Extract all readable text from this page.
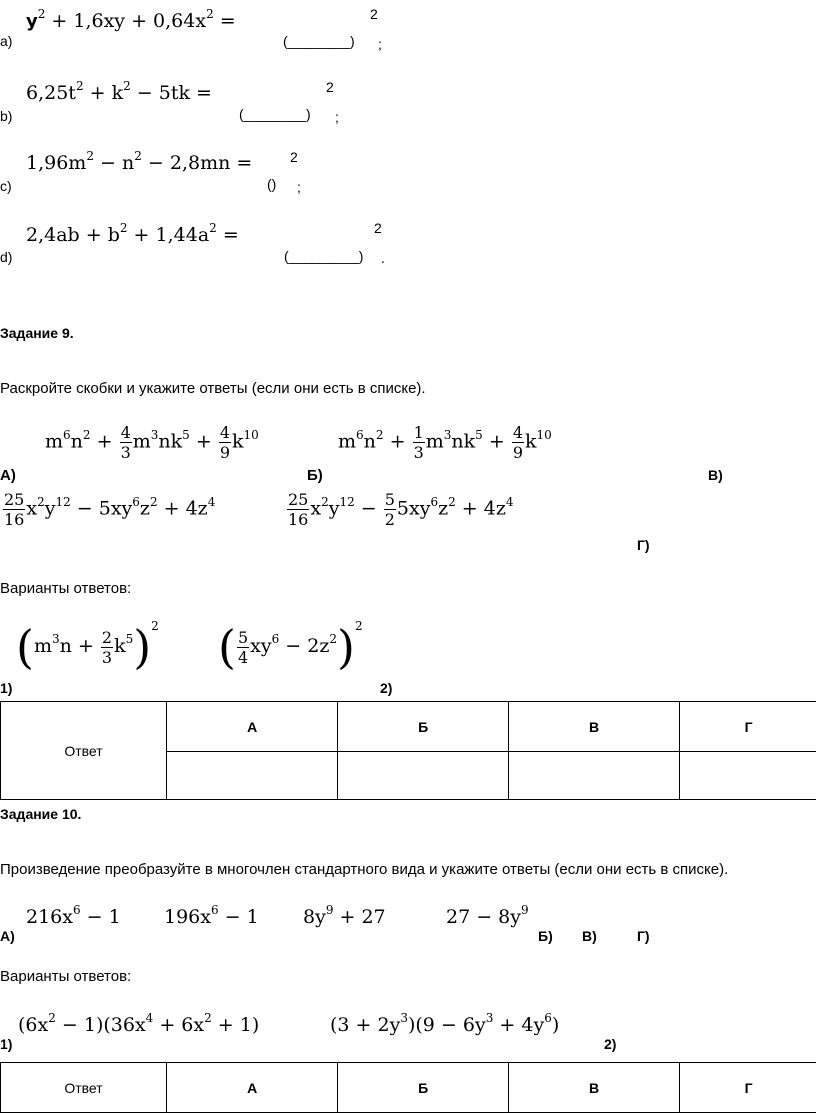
a)
$y^2 + 1,6xy + 0,64x^2$ =
(________)
2
;
b)
$6,25t^2 + k^2 - 5tk$ =
(________)
2
;
c)
$1,96m^2 - n^2 - 2,8mn$ =
()
2
;
d)
$2,4ab + b^2 + 1,44a^2$ =
(_________)
2
.
Задание 9.
Раскройте скобки и укажите ответы (если они есть в списке).
$m^6n^2 + \frac{4}{3} m^3nk^5 + \frac{4}{9} k^{10}$	$m^6n^2 + \frac{1}{3} m^3nk^5 + \frac{4}{9} k^{10}$
А)	Б)	В)
$\frac{25}{16} x^2y^{12} - 5xy^6z^2 + 4z^4$	$\frac{25}{16} x^2y^{12} - \frac{5}{2} 5xy^6z^2 + 4z^4$
Г)
Варианты ответов:
$(m^3n + \frac{2}{3} k^5)^2$ ( $\frac{5}{4} xy^6 - 2z^2)^2$
1)	2)
Ответ	А	Б	В	Г

Задание 10.
Произведение преобразуйте в многочлен стандартного вида и укажите ответы (если они есть в списке).
$216x^6 - 1$ $196x^6 - 1$ $8y^9 + 27$	$27 - 8y^9$
А)	Б) В)	Г)
Варианты ответов:
$(6x^2 - 1)(36x^4 + 6x^2 + 1)$	$(3 + 2y^3)(9 - 6y^3 + 4y^6)$
1)	2)
Ответ	А	Б	В	Г
